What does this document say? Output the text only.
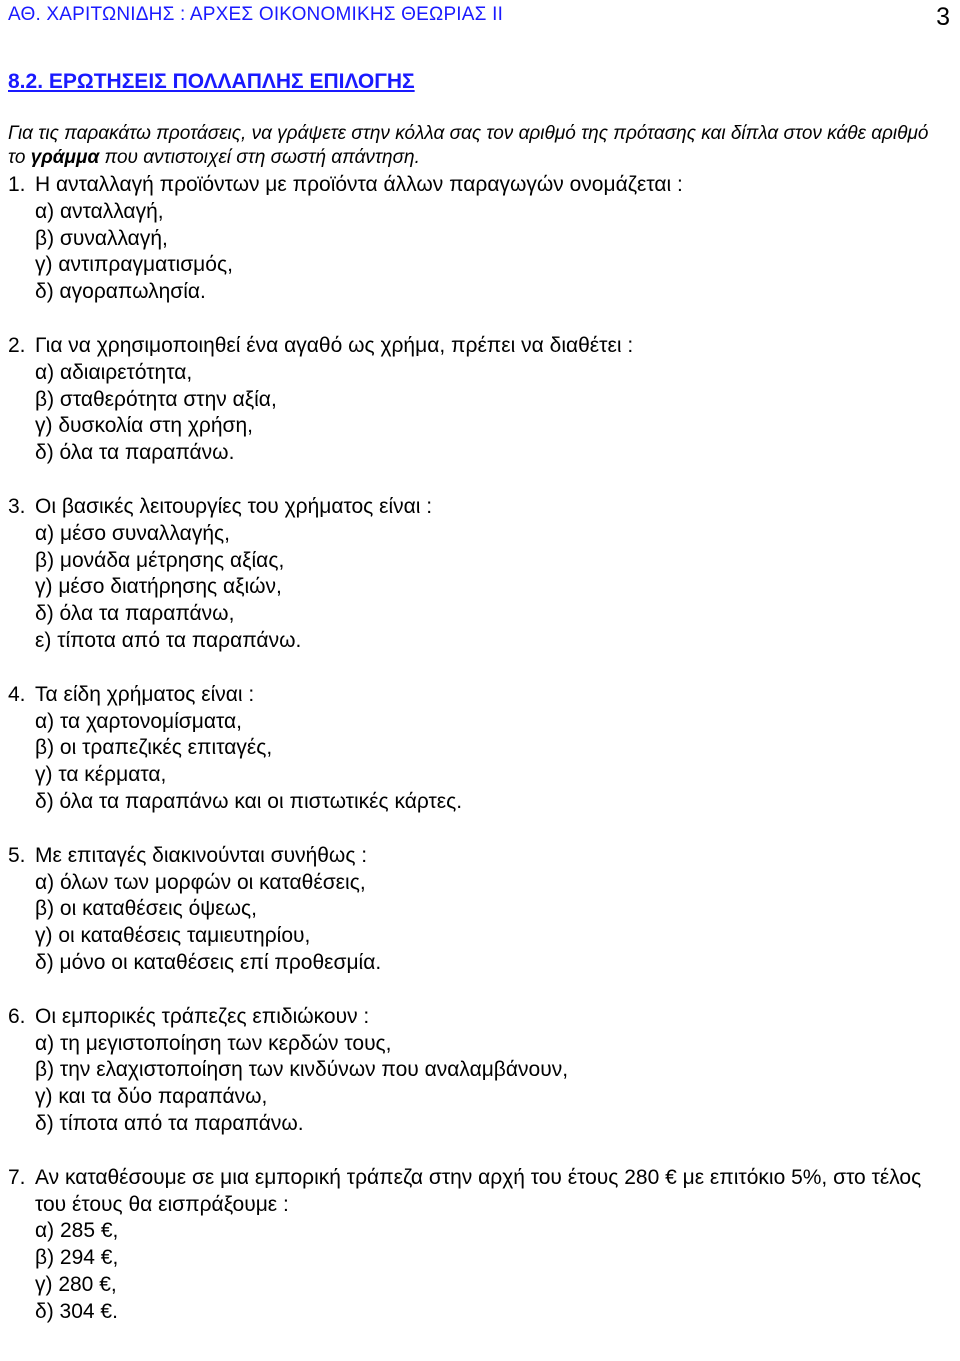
ΑΘ. ΧΑΡΙΤΩΝΙΔΗΣ : ΑΡΧΕΣ ΟΙΚΟΝΟΜΙΚΗΣ ΘΕΩΡΙΑΣ ΙΙ	3
8.2. ΕΡΩΤΗΣΕΙΣ ΠΟΛΛΑΠΛΗΣ ΕΠΙΛΟΓΗΣ
Για τις παρακάτω προτάσεις, να γράψετε στην κόλλα σας τον αριθμό της πρότασης και δίπλα στον κάθε αριθμό το γράμμα που αντιστοιχεί στη σωστή απάντηση.
1. Η ανταλλαγή προϊόντων με προϊόντα άλλων παραγωγών ονομάζεται :
α) ανταλλαγή,
β) συναλλαγή,
γ) αντιπραγματισμός,
δ) αγοραπωλησία.
2. Για να χρησιμοποιηθεί ένα αγαθό ως χρήμα, πρέπει να διαθέτει :
α) αδιαιρετότητα,
β) σταθερότητα στην αξία,
γ) δυσκολία στη χρήση,
δ) όλα τα παραπάνω.
3. Οι βασικές λειτουργίες του χρήματος είναι :
α) μέσο συναλλαγής,
β) μονάδα μέτρησης αξίας,
γ) μέσο διατήρησης αξιών,
δ) όλα τα παραπάνω,
ε) τίποτα από τα παραπάνω.
4. Τα είδη χρήματος είναι :
α) τα χαρτονομίσματα,
β) οι τραπεζικές επιταγές,
γ) τα κέρματα,
δ) όλα τα παραπάνω και οι πιστωτικές κάρτες.
5. Με επιταγές διακινούνται συνήθως :
α) όλων των μορφών οι καταθέσεις,
β) οι καταθέσεις όψεως,
γ) οι καταθέσεις ταμιευτηρίου,
δ) μόνο οι καταθέσεις επί προθεσμία.
6. Οι εμπορικές τράπεζες επιδιώκουν :
α) τη μεγιστοποίηση των κερδών τους,
β) την ελαχιστοποίηση των κινδύνων που αναλαμβάνουν,
γ) και τα δύο παραπάνω,
δ) τίποτα από τα παραπάνω.
7. Αν καταθέσουμε σε μια εμπορική τράπεζα στην αρχή του έτους 280 € με επιτόκιο 5%, στο τέλος του έτους θα εισπράξουμε :
α) 285 €,
β) 294 €,
γ) 280 €,
δ) 304 €.
